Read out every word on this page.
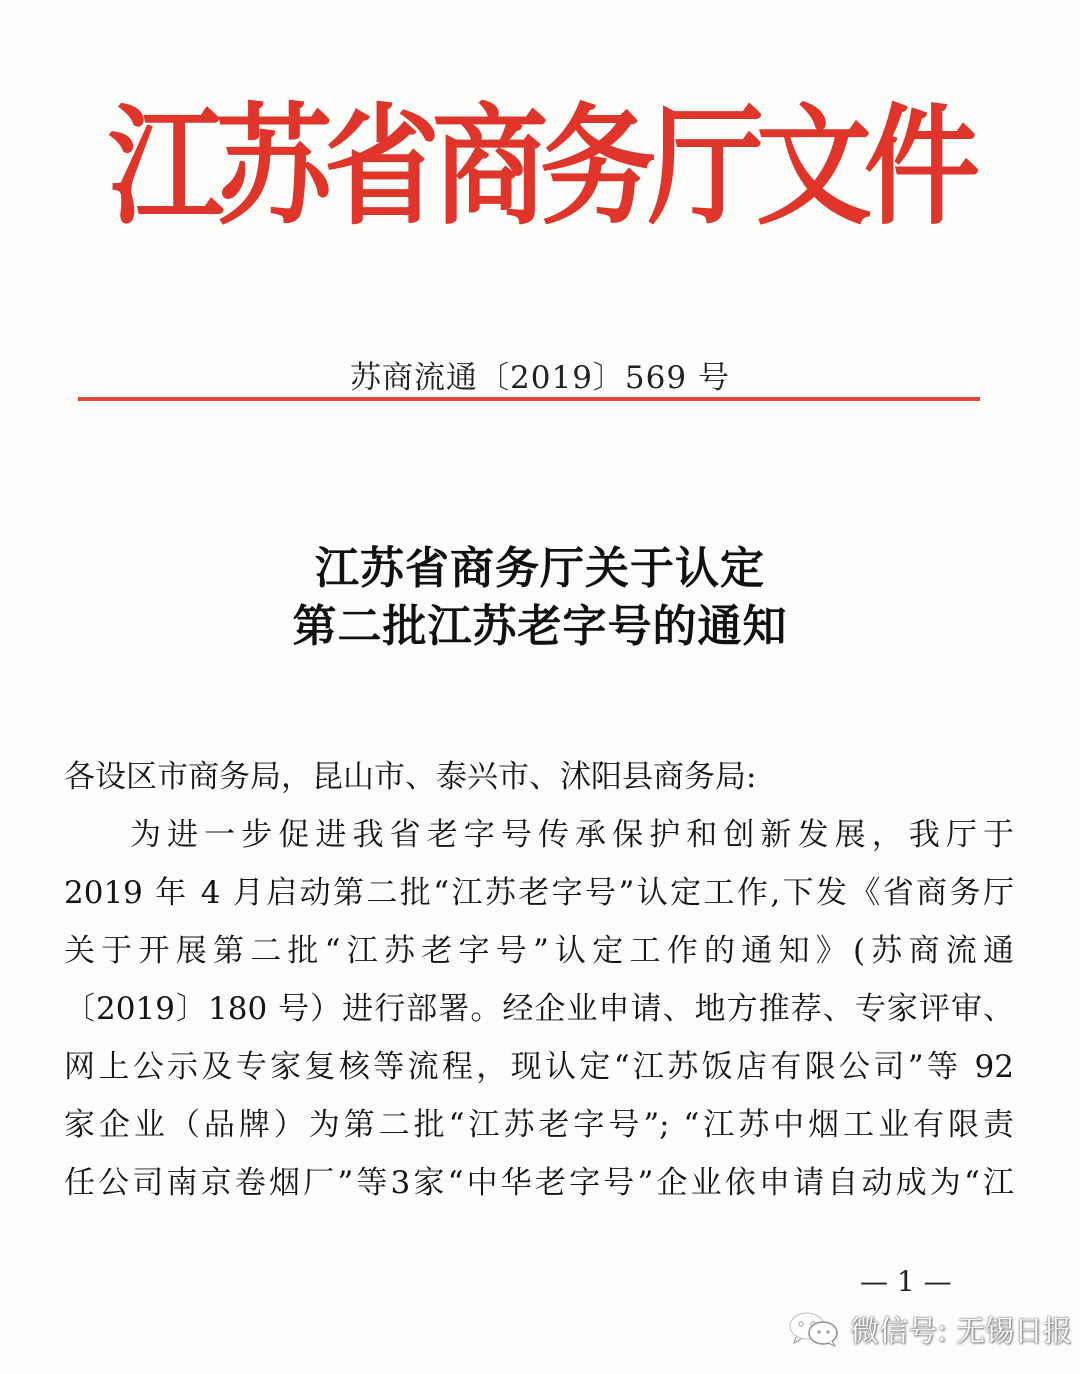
江苏省商务厅文件
苏商流通〔2019〕569 号
江苏省商务厅关于认定
第二批江苏老字号的通知
各设区市商务局，昆山市、泰兴市、沭阳县商务局:
为进一步促进我省老字号传承保护和创新发展，我厅于
2019 年 4 月启动第二批“江苏老字号”认定工作,下发《省商务厅
关于开展第二批“江苏老字号”认定工作的通知》(苏商流通
〔2019〕180 号）进行部署。经企业申请、地方推荐、专家评审、
网上公示及专家复核等流程，现认定“江苏饭店有限公司”等 92
家企业（品牌）为第二批“江苏老字号”; “江苏中烟工业有限责
任公司南京卷烟厂”等3家“中华老字号”企业依申请自动成为“江
— 1 —
微信号: 无锡日报
